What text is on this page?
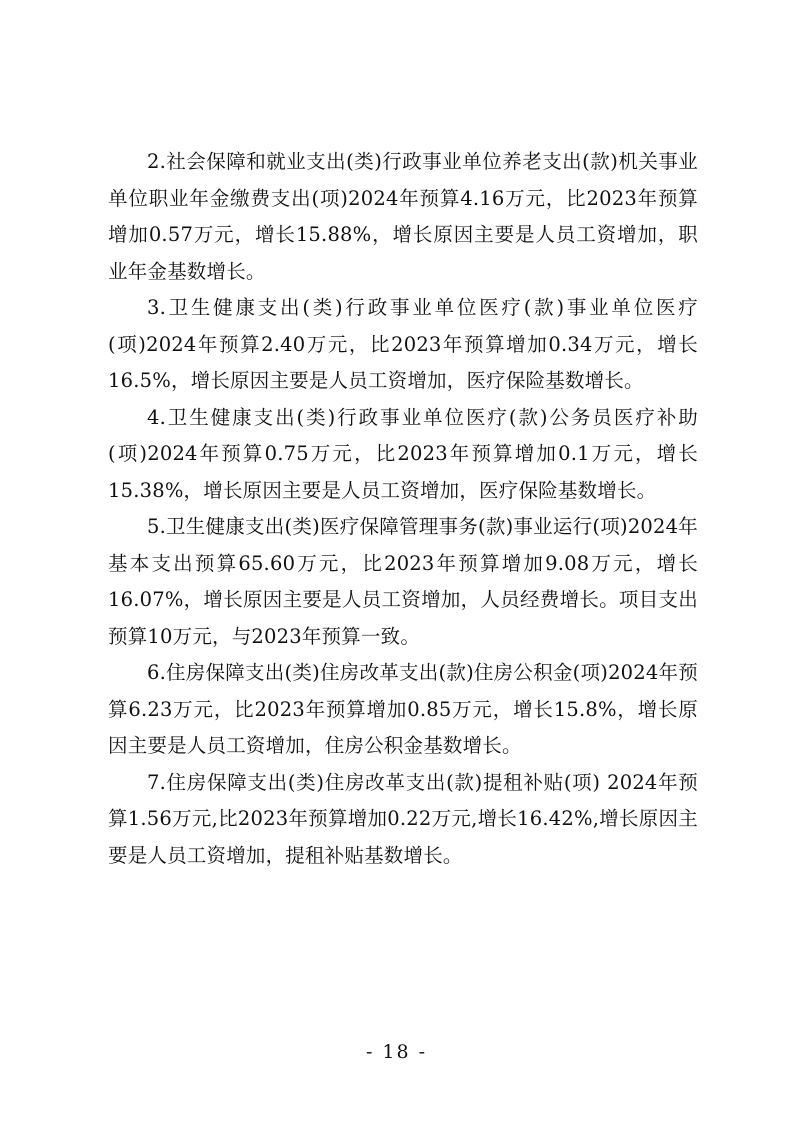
2.社会保障和就业支出(类)行政事业单位养老支出(款)机关事业单位职业年金缴费支出(项)2024年预算4.16万元，比2023年预算增加0.57万元，增长15.88%，增长原因主要是人员工资增加，职业年金基数增长。

3.卫生健康支出(类)行政事业单位医疗(款)事业单位医疗(项)2024年预算2.40万元，比2023年预算增加0.34万元，增长16.5%，增长原因主要是人员工资增加，医疗保险基数增长。

4.卫生健康支出(类)行政事业单位医疗(款)公务员医疗补助(项)2024年预算0.75万元，比2023年预算增加0.1万元，增长15.38%，增长原因主要是人员工资增加，医疗保险基数增长。

5.卫生健康支出(类)医疗保障管理事务(款)事业运行(项)2024年基本支出预算65.60万元，比2023年预算增加9.08万元，增长16.07%，增长原因主要是人员工资增加，人员经费增长。项目支出预算10万元，与2023年预算一致。

6.住房保障支出(类)住房改革支出(款)住房公积金(项)2024年预算6.23万元，比2023年预算增加0.85万元，增长15.8%，增长原因主要是人员工资增加，住房公积金基数增长。

7.住房保障支出(类)住房改革支出(款)提租补贴(项) 2024年预算1.56万元,比2023年预算增加0.22万元,增长16.42%,增长原因主要是人员工资增加，提租补贴基数增长。

- 18 -
